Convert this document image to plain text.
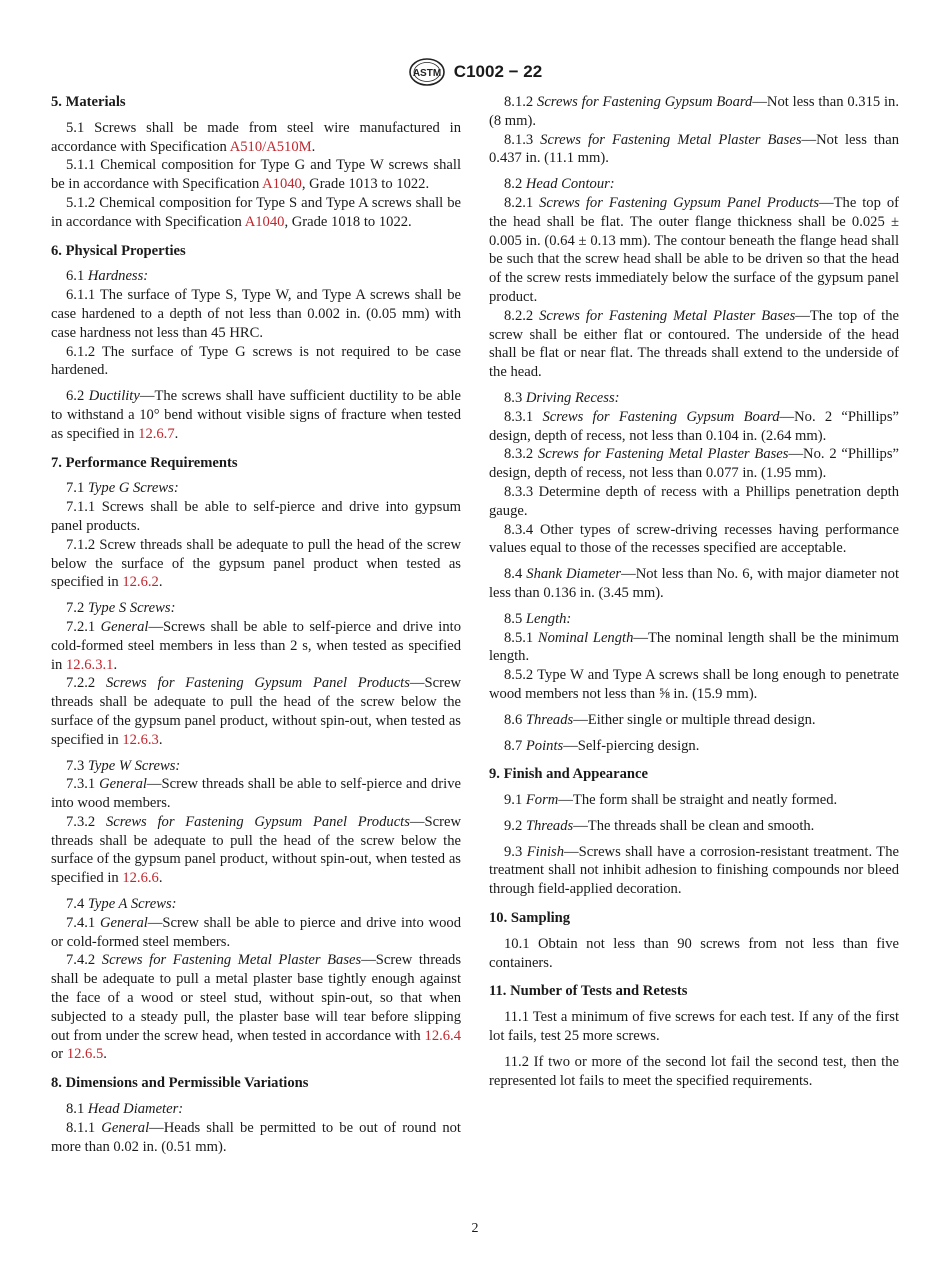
ASTM C1002 − 22
5. Materials

5.1 Screws shall be made from steel wire manufactured in accordance with Specification A510/A510M.

5.1.1 Chemical composition for Type G and Type W screws shall be in accordance with Specification A1040, Grade 1013 to 1022.

5.1.2 Chemical composition for Type S and Type A screws shall be in accordance with Specification A1040, Grade 1018 to 1022.

6. Physical Properties

6.1 Hardness:

6.1.1 The surface of Type S, Type W, and Type A screws shall be case hardened to a depth of not less than 0.002 in. (0.05 mm) with case hardness not less than 45 HRC.

6.1.2 The surface of Type G screws is not required to be case hardened.

6.2 Ductility—The screws shall have sufficient ductility to be able to withstand a 10° bend without visible signs of fracture when tested as specified in 12.6.7.

7. Performance Requirements

7.1 Type G Screws:

7.1.1 Screws shall be able to self-pierce and drive into gypsum panel products.

7.1.2 Screw threads shall be adequate to pull the head of the screw below the surface of the gypsum panel product when tested as specified in 12.6.2.

7.2 Type S Screws:

7.2.1 General—Screws shall be able to self-pierce and drive into cold-formed steel members in less than 2 s, when tested as specified in 12.6.3.1.

7.2.2 Screws for Fastening Gypsum Panel Products—Screw threads shall be adequate to pull the head of the screw below the surface of the gypsum panel product, without spin-out, when tested as specified in 12.6.3.

7.3 Type W Screws:

7.3.1 General—Screw threads shall be able to self-pierce and drive into wood members.

7.3.2 Screws for Fastening Gypsum Panel Products—Screw threads shall be adequate to pull the head of the screw below the surface of the gypsum panel product, without spin-out, when tested as specified in 12.6.6.

7.4 Type A Screws:

7.4.1 General—Screw shall be able to pierce and drive into wood or cold-formed steel members.

7.4.2 Screws for Fastening Metal Plaster Bases—Screw threads shall be adequate to pull a metal plaster base tightly enough against the face of a wood or steel stud, without spin-out, so that when subjected to a steady pull, the plaster base will tear before slipping out from under the screw head, when tested in accordance with 12.6.4 or 12.6.5.

8. Dimensions and Permissible Variations

8.1 Head Diameter:

8.1.1 General—Heads shall be permitted to be out of round not more than 0.02 in. (0.51 mm).

8.1.2 Screws for Fastening Gypsum Board—Not less than 0.315 in. (8 mm).

8.1.3 Screws for Fastening Metal Plaster Bases—Not less than 0.437 in. (11.1 mm).

8.2 Head Contour:

8.2.1 Screws for Fastening Gypsum Panel Products—The top of the head shall be flat. The outer flange thickness shall be 0.025 ± 0.005 in. (0.64 ± 0.13 mm). The contour beneath the flange head shall be such that the screw head shall be able to be driven so that the head of the screw rests immediately below the surface of the gypsum panel product.

8.2.2 Screws for Fastening Metal Plaster Bases—The top of the screw shall be either flat or contoured. The underside of the head shall be flat or near flat. The threads shall extend to the underside of the head.

8.3 Driving Recess:

8.3.1 Screws for Fastening Gypsum Board—No. 2 “Phillips” design, depth of recess, not less than 0.104 in. (2.64 mm).

8.3.2 Screws for Fastening Metal Plaster Bases—No. 2 “Phillips” design, depth of recess, not less than 0.077 in. (1.95 mm).

8.3.3 Determine depth of recess with a Phillips penetration depth gauge.

8.3.4 Other types of screw-driving recesses having performance values equal to those of the recesses specified are acceptable.

8.4 Shank Diameter—Not less than No. 6, with major diameter not less than 0.136 in. (3.45 mm).

8.5 Length:

8.5.1 Nominal Length—The nominal length shall be the minimum length.

8.5.2 Type W and Type A screws shall be long enough to penetrate wood members not less than ⅝ in. (15.9 mm).

8.6 Threads—Either single or multiple thread design.

8.7 Points—Self-piercing design.

9. Finish and Appearance

9.1 Form—The form shall be straight and neatly formed.

9.2 Threads—The threads shall be clean and smooth.

9.3 Finish—Screws shall have a corrosion-resistant treatment. The treatment shall not inhibit adhesion to finishing compounds nor bleed through field-applied decoration.

10. Sampling

10.1 Obtain not less than 90 screws from not less than five containers.

11. Number of Tests and Retests

11.1 Test a minimum of five screws for each test. If any of the first lot fails, test 25 more screws.

11.2 If two or more of the second lot fail the second test, then the represented lot fails to meet the specified requirements.

2
